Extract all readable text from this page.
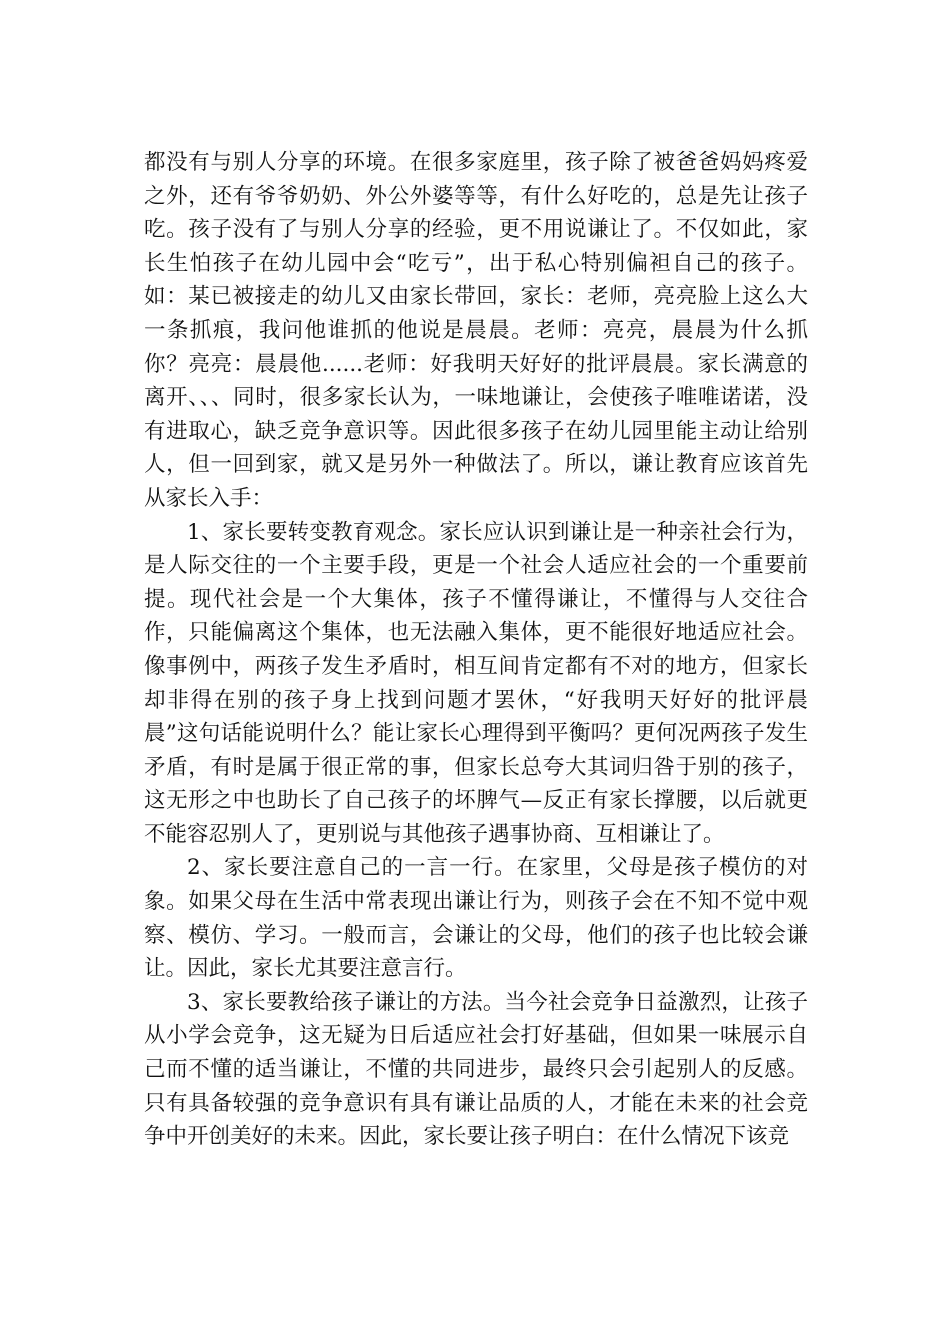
都没有与别人分享的环境。在很多家庭里，孩子除了被爸爸妈妈疼爱之外，还有爷爷奶奶、外公外婆等等，有什么好吃的，总是先让孩子吃。孩子没有了与别人分享的经验，更不用说谦让了。不仅如此，家长生怕孩子在幼儿园中会“吃亏”，出于私心特别偏袒自己的孩子。如：某已被接走的幼儿又由家长带回，家长：老师，亮亮脸上这么大一条抓痕，我问他谁抓的他说是晨晨。老师：亮亮，晨晨为什么抓你？亮亮：晨晨他......老师：好我明天好好的批评晨晨。家长满意的离开、、、同时，很多家长认为，一味地谦让，会使孩子唯唯诺诺，没有进取心，缺乏竞争意识等。因此很多孩子在幼儿园里能主动让给别人，但一回到家，就又是另外一种做法了。所以，谦让教育应该首先从家长入手：

1、家长要转变教育观念。家长应认识到谦让是一种亲社会行为，是人际交往的一个主要手段，更是一个社会人适应社会的一个重要前提。现代社会是一个大集体，孩子不懂得谦让，不懂得与人交往合作，只能偏离这个集体，也无法融入集体，更不能很好地适应社会。像事例中，两孩子发生矛盾时，相互间肯定都有不对的地方，但家长却非得在别的孩子身上找到问题才罢休，“好我明天好好的批评晨晨”这句话能说明什么？能让家长心理得到平衡吗？更何况两孩子发生矛盾，有时是属于很正常的事，但家长总夸大其词归咎于别的孩子，这无形之中也助长了自己孩子的坏脾气—反正有家长撑腰，以后就更不能容忍别人了，更别说与其他孩子遇事协商、互相谦让了。

2、家长要注意自己的一言一行。在家里，父母是孩子模仿的对象。如果父母在生活中常表现出谦让行为，则孩子会在不知不觉中观察、模仿、学习。一般而言，会谦让的父母，他们的孩子也比较会谦让。因此，家长尤其要注意言行。

3、家长要教给孩子谦让的方法。当今社会竞争日益激烈，让孩子从小学会竞争，这无疑为日后适应社会打好基础，但如果一味展示自己而不懂的适当谦让，不懂的共同进步，最终只会引起别人的反感。只有具备较强的竞争意识有具有谦让品质的人，才能在未来的社会竞争中开创美好的未来。因此，家长要让孩子明白：在什么情况下该竞
